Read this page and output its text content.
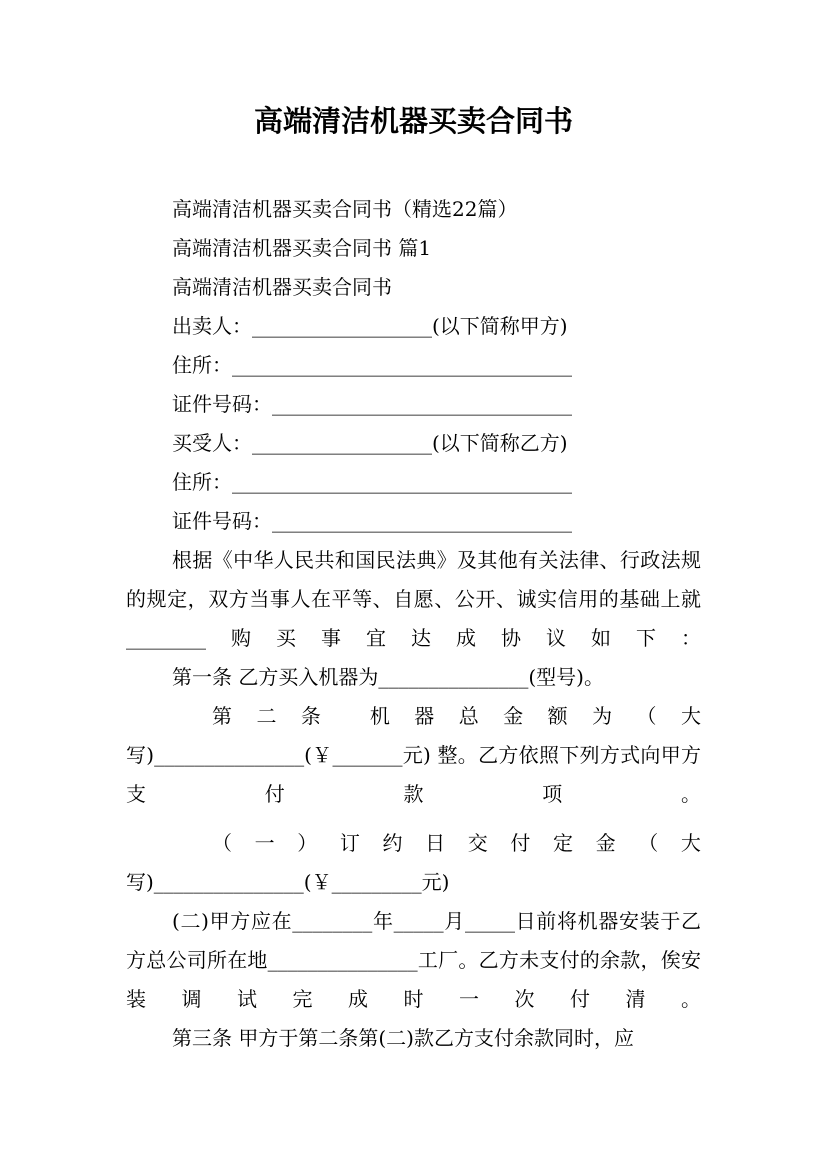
高端清洁机器买卖合同书
高端清洁机器买卖合同书（精选22篇）
高端清洁机器买卖合同书 篇1
高端清洁机器买卖合同书
出卖人：__________________(以下简称甲方)
住所：__________________________________
证件号码：______________________________
买受人：__________________(以下简称乙方)
住所：__________________________________
证件号码：______________________________
根据《中华人民共和国民法典》及其他有关法律、行政法规的规定，双方当事人在平等、自愿、公开、诚实信用的基础上就________购买事宜达成协议如下：
第一条 乙方买入机器为_______________(型号)。
第 二 条 机 器 总 金 额 为 （ 大
写)_______________(￥_______元) 整。乙方依照下列方式向甲方支付款项。
（ 一 ） 订 约 日 交 付 定 金 （ 大
写)_______________(￥_________元)
(二)甲方应在________年_____月_____日前将机器安装于乙方总公司所在地_______________工厂。乙方未支付的余款，俟安装调试完成时一次付清。
第三条 甲方于第二条第(二)款乙方支付余款同时，应
